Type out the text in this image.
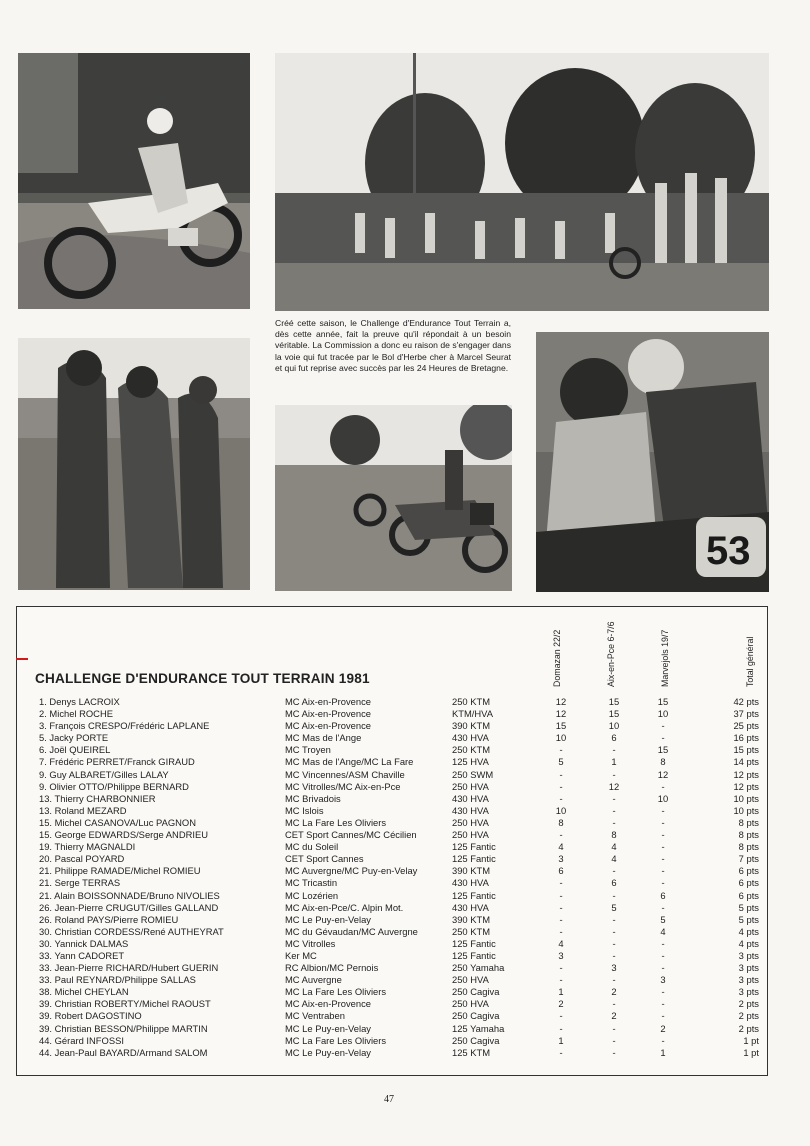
Créé cette saison, le Challenge d'Endurance Tout Terrain a, dès cette année, fait la preuve qu'il répondait à un besoin véritable. La Commission a donc eu raison de s'engager dans la voie qui fut tracée par le Bol d'Herbe cher à Marcel Seurat et qui fut reprise avec succès par les 24 Heures de Bretagne.
53
CHALLENGE D'ENDURANCE TOUT TERRAIN 1981	Domazan 22/2	Aix-en-Pce 6-7/6	Marvejols 19/7	Total général
1. Denys LACROIX	MC Aix-en-Provence	250 KTM	12	15	15	42 pts
2. Michel ROCHE	MC Aix-en-Provence	KTM/HVA	12	15	10	37 pts
3. François CRESPO/Frédéric LAPLANE	MC Aix-en-Provence	390 KTM	15	10	-	25 pts
5. Jacky PORTE	MC Mas de l'Ange	430 HVA	10	6	-	16 pts
6. Joël QUEIREL	MC Troyen	250 KTM	-	-	15	15 pts
7. Frédéric PERRET/Franck GIRAUD	MC Mas de l'Ange/MC La Fare	125 HVA	5	1	8	14 pts
9. Guy ALBARET/Gilles LALAY	MC Vincennes/ASM Chaville	250 SWM	-	-	12	12 pts
9. Olivier OTTO/Philippe BERNARD	MC Vitrolles/MC Aix-en-Pce	250 HVA	-	12	-	12 pts
13. Thierry CHARBONNIER	MC Brivadois	430 HVA	-	-	10	10 pts
13. Roland MEZARD	MC Islois	430 HVA	10	-	-	10 pts
15. Michel CASANOVA/Luc PAGNON	MC La Fare Les Oliviers	250 HVA	8	-	-	8 pts
15. George EDWARDS/Serge ANDRIEU	CET Sport Cannes/MC Cécilien	250 HVA	-	8	-	8 pts
19. Thierry MAGNALDI	MC du Soleil	125 Fantic	4	4	-	8 pts
20. Pascal POYARD	CET Sport Cannes	125 Fantic	3	4	-	7 pts
21. Philippe RAMADE/Michel ROMIEU	MC Auvergne/MC Puy-en-Velay	390 KTM	6	-	-	6 pts
21. Serge TERRAS	MC Tricastin	430 HVA	-	6	-	6 pts
21. Alain BOISSONNADE/Bruno NIVOLIES	MC Lozérien	125 Fantic	-	-	6	6 pts
26. Jean-Pierre CRUGUT/Gilles GALLAND	MC Aix-en-Pce/C. Alpin Mot.	430 HVA	-	5	-	5 pts
26. Roland PAYS/Pierre ROMIEU	MC Le Puy-en-Velay	390 KTM	-	-	5	5 pts
30. Christian CORDESS/René AUTHEYRAT	MC du Gévaudan/MC Auvergne	250 KTM	-	-	4	4 pts
30. Yannick DALMAS	MC Vitrolles	125 Fantic	4	-	-	4 pts
33. Yann CADORET	Ker MC	125 Fantic	3	-	-	3 pts
33. Jean-Pierre RICHARD/Hubert GUERIN	RC Albion/MC Pernois	250 Yamaha	-	3	-	3 pts
33. Paul REYNARD/Philippe SALLAS	MC Auvergne	250 HVA	-	-	3	3 pts
38. Michel CHEYLAN	MC La Fare Les Oliviers	250 Cagiva	1	2	-	3 pts
39. Christian ROBERTY/Michel RAOUST	MC Aix-en-Provence	250 HVA	2	-	-	2 pts
39. Robert DAGOSTINO	MC Ventraben	250 Cagiva	-	2	-	2 pts
39. Christian BESSON/Philippe MARTIN	MC Le Puy-en-Velay	125 Yamaha	-	-	2	2 pts
44. Gérard INFOSSI	MC La Fare Les Oliviers	250 Cagiva	1	-	-	1 pt
44. Jean-Paul BAYARD/Armand SALOM	MC Le Puy-en-Velay	125 KTM	-	-	1	1 pt
47
